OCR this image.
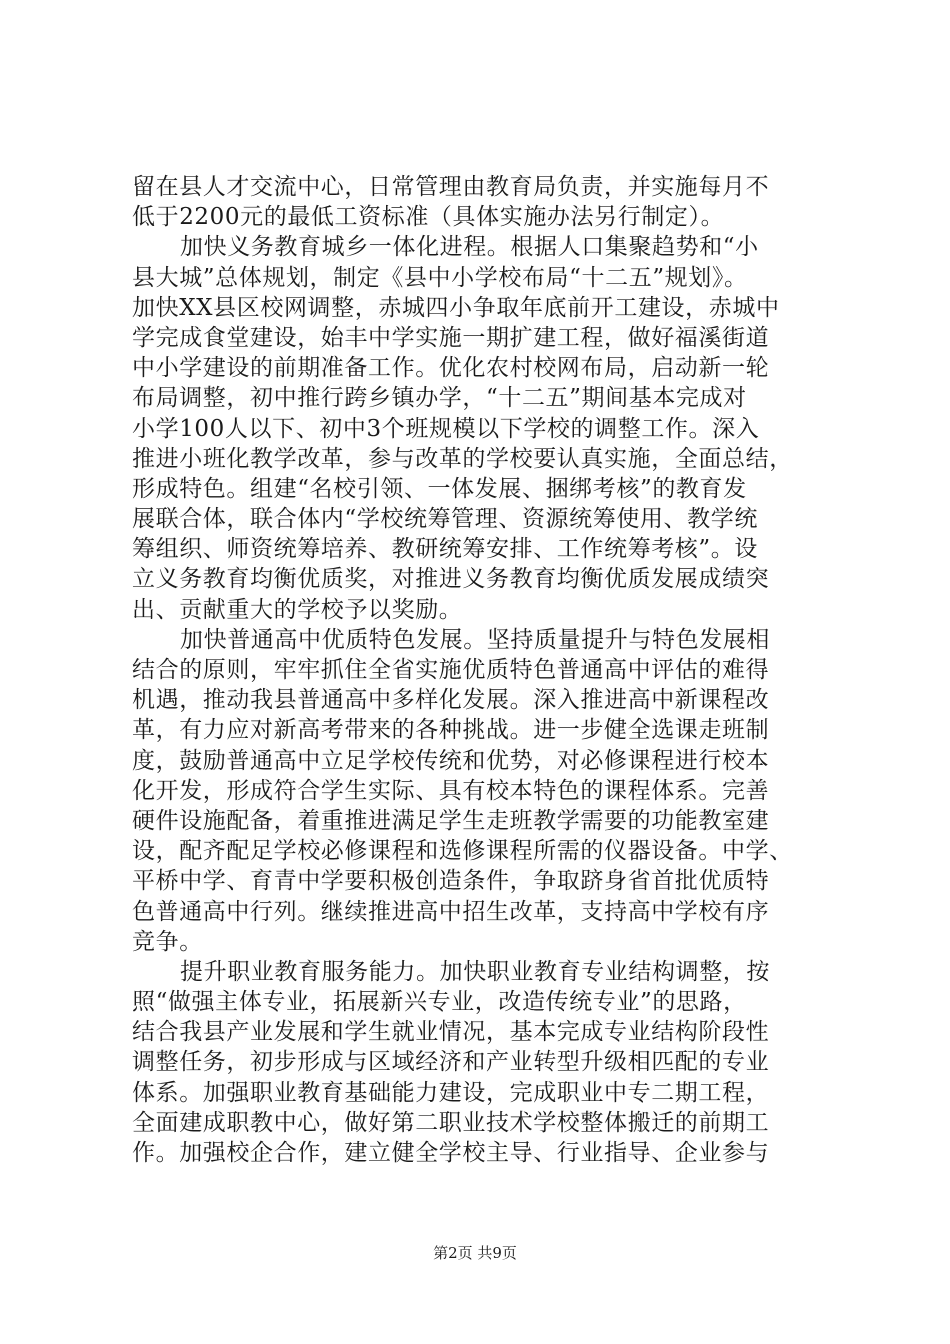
留在县人才交流中心，日常管理由教育局负责，并实施每月不
低于2200元的最低工资标准（具体实施办法另行制定）。
加快义务教育城乡一体化进程。根据人口集聚趋势和“小
县大城”总体规划，制定《县中小学校布局“十二五”规划》。
加快XX县区校网调整，赤城四小争取年底前开工建设，赤城中
学完成食堂建设，始丰中学实施一期扩建工程，做好福溪街道
中小学建设的前期准备工作。优化农村校网布局，启动新一轮
布局调整，初中推行跨乡镇办学，“十二五”期间基本完成对
小学100人以下、初中3个班规模以下学校的调整工作。深入
推进小班化教学改革，参与改革的学校要认真实施，全面总结，
形成特色。组建“名校引领、一体发展、捆绑考核”的教育发
展联合体，联合体内“学校统筹管理、资源统筹使用、教学统
筹组织、师资统筹培养、教研统筹安排、工作统筹考核”。设
立义务教育均衡优质奖，对推进义务教育均衡优质发展成绩突
出、贡献重大的学校予以奖励。
加快普通高中优质特色发展。坚持质量提升与特色发展相
结合的原则，牢牢抓住全省实施优质特色普通高中评估的难得
机遇，推动我县普通高中多样化发展。深入推进高中新课程改
革，有力应对新高考带来的各种挑战。进一步健全选课走班制
度，鼓励普通高中立足学校传统和优势，对必修课程进行校本
化开发，形成符合学生实际、具有校本特色的课程体系。完善
硬件设施配备，着重推进满足学生走班教学需要的功能教室建
设，配齐配足学校必修课程和选修课程所需的仪器设备。中学、
平桥中学、育青中学要积极创造条件，争取跻身省首批优质特
色普通高中行列。继续推进高中招生改革，支持高中学校有序
竞争。
提升职业教育服务能力。加快职业教育专业结构调整，按
照“做强主体专业，拓展新兴专业，改造传统专业”的思路，
结合我县产业发展和学生就业情况，基本完成专业结构阶段性
调整任务，初步形成与区域经济和产业转型升级相匹配的专业
体系。加强职业教育基础能力建设，完成职业中专二期工程，
全面建成职教中心，做好第二职业技术学校整体搬迁的前期工
作。加强校企合作，建立健全学校主导、行业指导、企业参与
第2页 共9页
